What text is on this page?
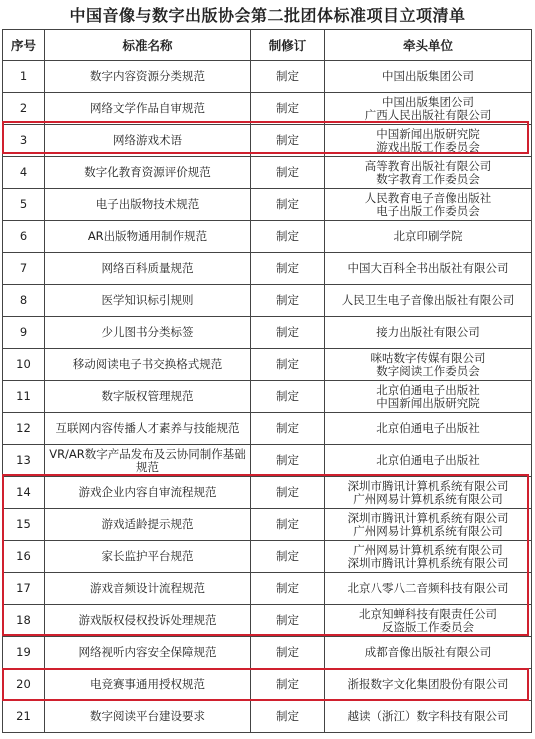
中国音像与数字出版协会第二批团体标准项目立项清单
序号	标准名称	制修订	牵头单位
1	数字内容资源分类规范	制定	中国出版集团公司

2	网络文学作品自审规范	制定	中国出版集团公司
广西人民出版社有限公司

3	网络游戏术语	制定	中国新闻出版研究院
游戏出版工作委员会

4	数字化教育资源评价规范	制定	高等教育出版社有限公司
数字教育工作委员会

5	电子出版物技术规范	制定	人民教育电子音像出版社
电子出版工作委员会

6	AR出版物通用制作规范	制定	北京印刷学院

7	网络百科质量规范	制定	中国大百科全书出版社有限公司

8	医学知识标引规则	制定	人民卫生电子音像出版社有限公司

9	少儿图书分类标签	制定	接力出版社有限公司

10	移动阅读电子书交换格式规范	制定	咪咕数字传媒有限公司
数字阅读工作委员会

11	数字版权管理规范	制定	北京伯通电子出版社
中国新闻出版研究院

12	互联网内容传播人才素养与技能规范	制定	北京伯通电子出版社

13	VR/AR数字产品发布及云协同制作基础规范	制定	北京伯通电子出版社

14	游戏企业内容自审流程规范	制定	深圳市腾讯计算机系统有限公司
广州网易计算机系统有限公司

15	游戏适龄提示规范	制定	深圳市腾讯计算机系统有限公司
广州网易计算机系统有限公司

16	家长监护平台规范	制定	广州网易计算机系统有限公司
深圳市腾讯计算机系统有限公司

17	游戏音频设计流程规范	制定	北京八零八二音频科技有限公司

18	游戏版权侵权投诉处理规范	制定	北京知蝉科技有限责任公司
反盗版工作委员会

19	网络视听内容安全保障规范	制定	成都音像出版社有限公司

20	电竞赛事通用授权规范	制定	浙报数字文化集团股份有限公司

21	数字阅读平台建设要求	制定	越读（浙江）数字科技有限公司
